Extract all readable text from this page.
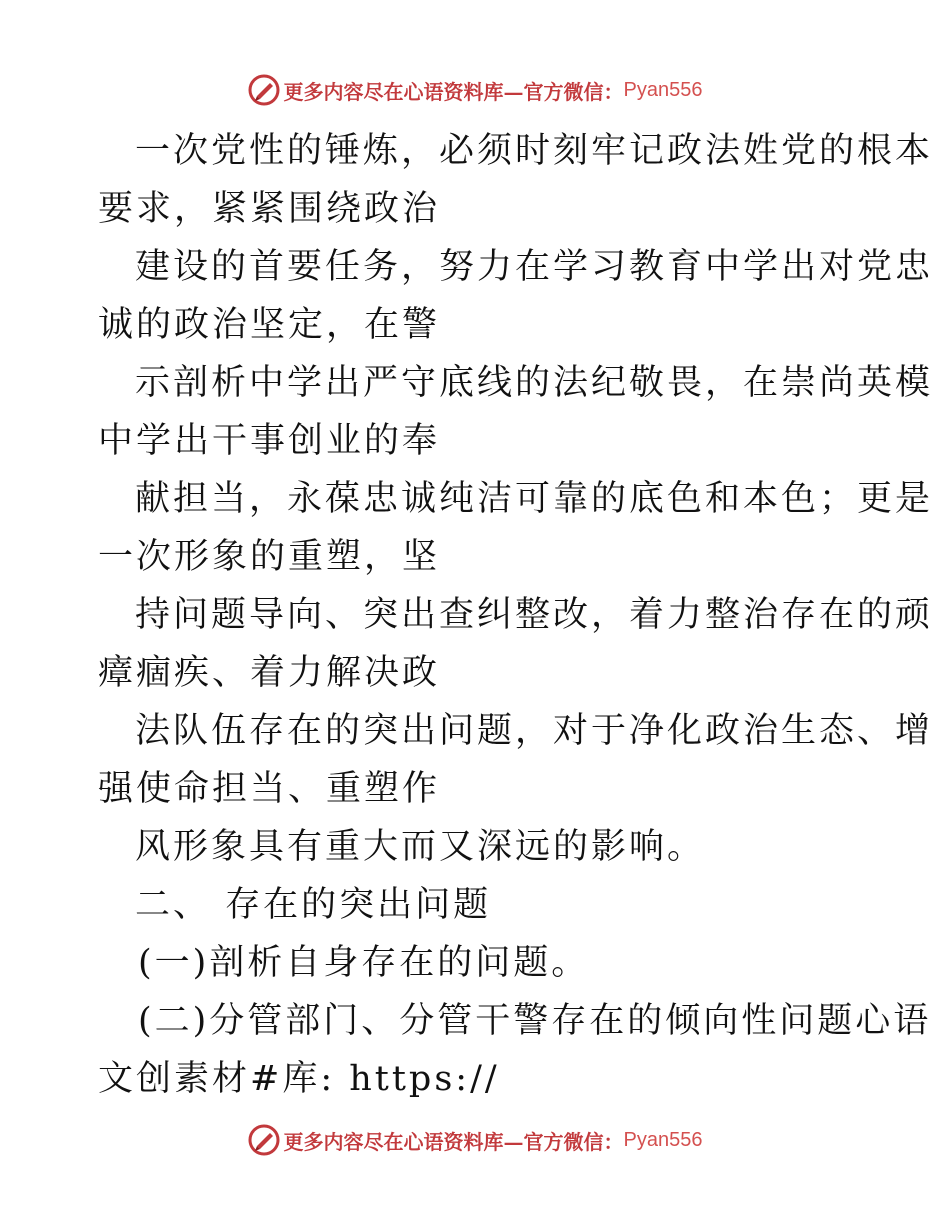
更多内容尽在心语资料库—官方微信： Pyan556
一次党性的锤炼，必须时刻牢记政法姓党的根本
要求，紧紧围绕政治
建设的首要任务，努力在学习教育中学出对党忠
诚的政治坚定，在警
示剖析中学出严守底线的法纪敬畏，在崇尚英模
中学出干事创业的奉
献担当，永葆忠诚纯洁可靠的底色和本色；更是
一次形象的重塑，坚
持问题导向、突出查纠整改，着力整治存在的顽
瘴痼疾、着力解决政
法队伍存在的突出问题，对于净化政治生态、增
强使命担当、重塑作
风形象具有重大而又深远的影响。
二、 存在的突出问题
(一)剖析自身存在的问题。
(二)分管部门、分管干警存在的倾向性问题心语
文创素材#库: https://
更多内容尽在心语资料库—官方微信： Pyan556
